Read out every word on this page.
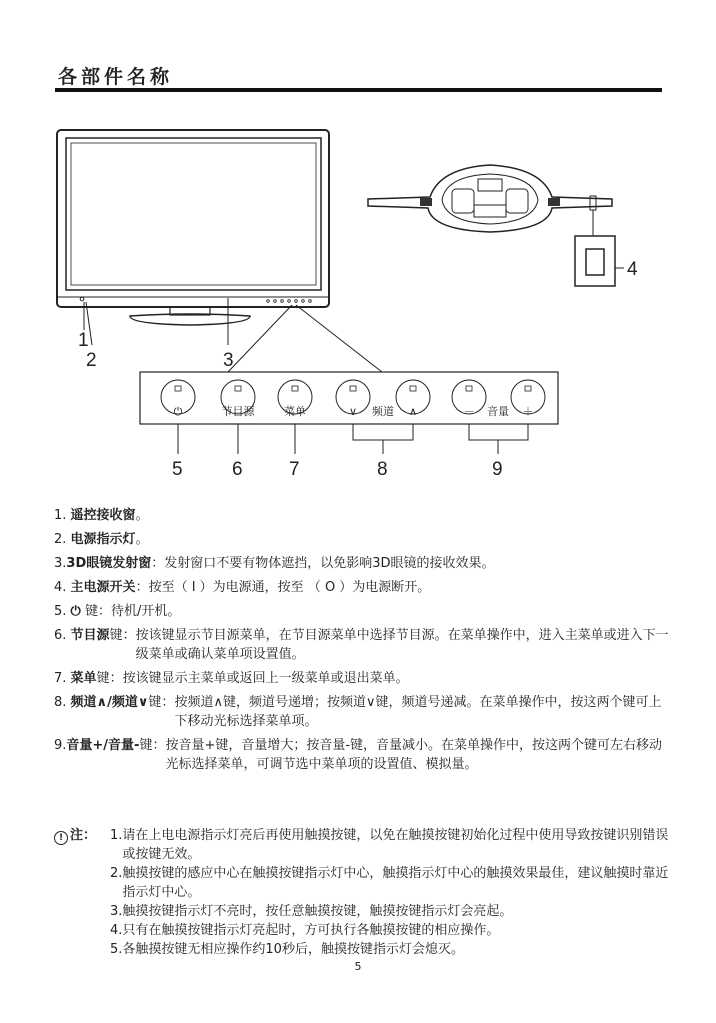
各部件名称
⏻	节目源	菜单	∨ 频道 ∧	－ 音量 ＋
1
2	3
4
5	6 7	8	9
1. 遥控接收窗 。
2. 电源指示灯 。
3.3D眼镜发射窗： 发射窗口不要有物体遮挡，以免影响3D眼镜的接收效果。
4. 主电源开关： 按至（ I ）为电源通，按至 （ O ）为电源断开。
5. ⏻ 键： 待机/开机。
6. 节目源键： 按该键显示节目源菜单，在节目源菜单中选择节目源。在菜单操作中，进入主菜单或进入下一级菜单或确认菜单项设置值。
7. 菜单键： 按该键显示主菜单或返回上一级菜单或退出菜单。
8. 频道∧/频道∨键： 按频道∧键，频道号递增；按频道∨键，频道号递减。在菜单操作中，按这两个键可上下移动光标选择菜单项。
9.音量+/音量-键： 按音量+键，音量增大；按音量-键，音量减小。在菜单操作中，按这两个键可左右移动光标选择菜单，可调节选中菜单项的设置值、模拟量。
! 注：	1. 请在上电电源指示灯亮后再使用触摸按键，以免在触摸按键初始化过程中使用导致按键识别错误或按键无效。
2. 触摸按键的感应中心在触摸按键指示灯中心，触摸指示灯中心的触摸效果最佳，建议触摸时靠近指示灯中心。
3. 触摸按键指示灯不亮时，按任意触摸按键，触摸按键指示灯会亮起。
4. 只有在触摸按键指示灯亮起时，方可执行各触摸按键的相应操作。
5. 各触摸按键无相应操作约10秒后，触摸按键指示灯会熄灭。
5
